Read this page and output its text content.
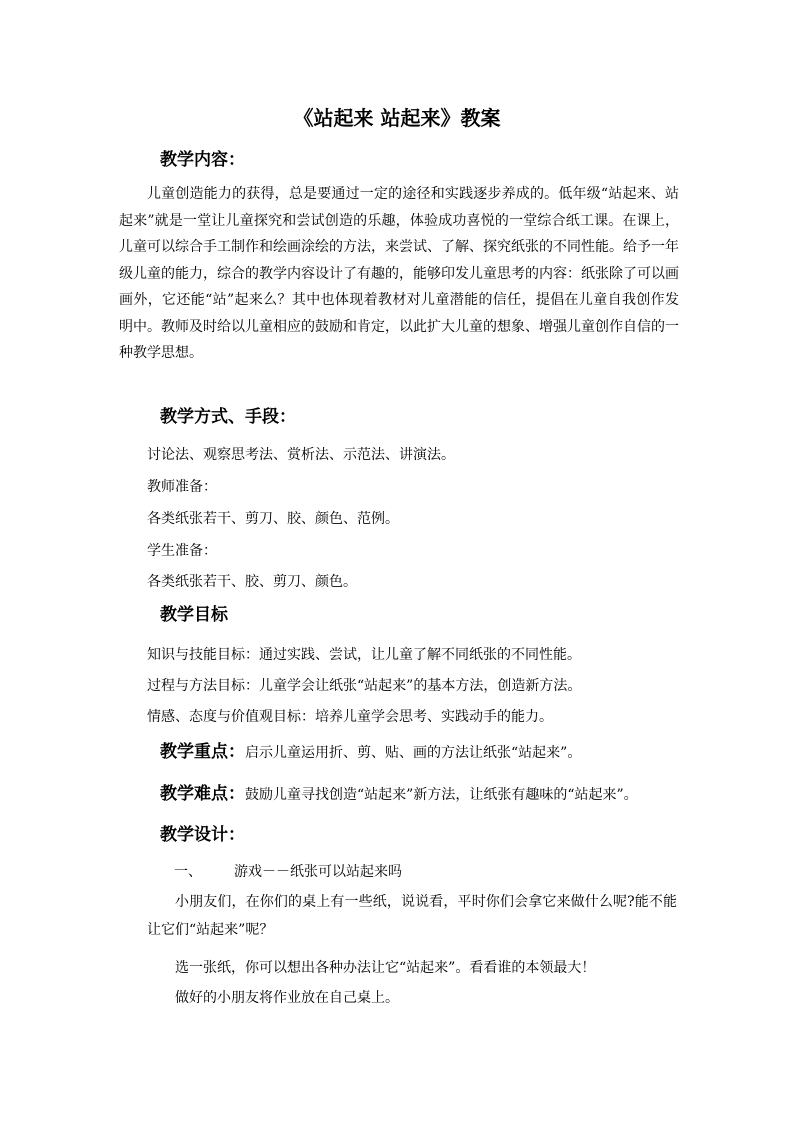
《站起来 站起来》教案
教学内容：
儿童创造能力的获得，总是要通过一定的途径和实践逐步养成的。低年级“站起来、站起来”就是一堂让儿童探究和尝试创造的乐趣，体验成功喜悦的一堂综合纸工课。在课上，儿童可以综合手工制作和绘画涂绘的方法，来尝试、了解、探究纸张的不同性能。给予一年级儿童的能力，综合的教学内容设计了有趣的，能够印发儿童思考的内容：纸张除了可以画画外，它还能“站”起来么？其中也体现着教材对儿童潜能的信任，提倡在儿童自我创作发明中。教师及时给以儿童相应的鼓励和肯定，以此扩大儿童的想象、增强儿童创作自信的一种教学思想。
教学方式、手段：
讨论法、观察思考法、赏析法、示范法、讲演法。
教师准备：
各类纸张若干、剪刀、胶、颜色、范例。
学生准备：
各类纸张若干、胶、剪刀、颜色。
教学目标
知识与技能目标：通过实践、尝试，让儿童了解不同纸张的不同性能。
过程与方法目标：儿童学会让纸张“站起来”的基本方法，创造新方法。
情感、态度与价值观目标：培养儿童学会思考、实践动手的能力。
教学重点：启示儿童运用折、剪、贴、画的方法让纸张“站起来”。
教学难点：鼓励儿童寻找创造“站起来”新方法，让纸张有趣味的“站起来”。
教学设计：
一、 游戏－－纸张可以站起来吗
小朋友们，在你们的桌上有一些纸，说说看，平时你们会拿它来做什么呢?能不能让它们“站起来”呢？
选一张纸，你可以想出各种办法让它“站起来”。看看谁的本领最大！
做好的小朋友将作业放在自己桌上。
